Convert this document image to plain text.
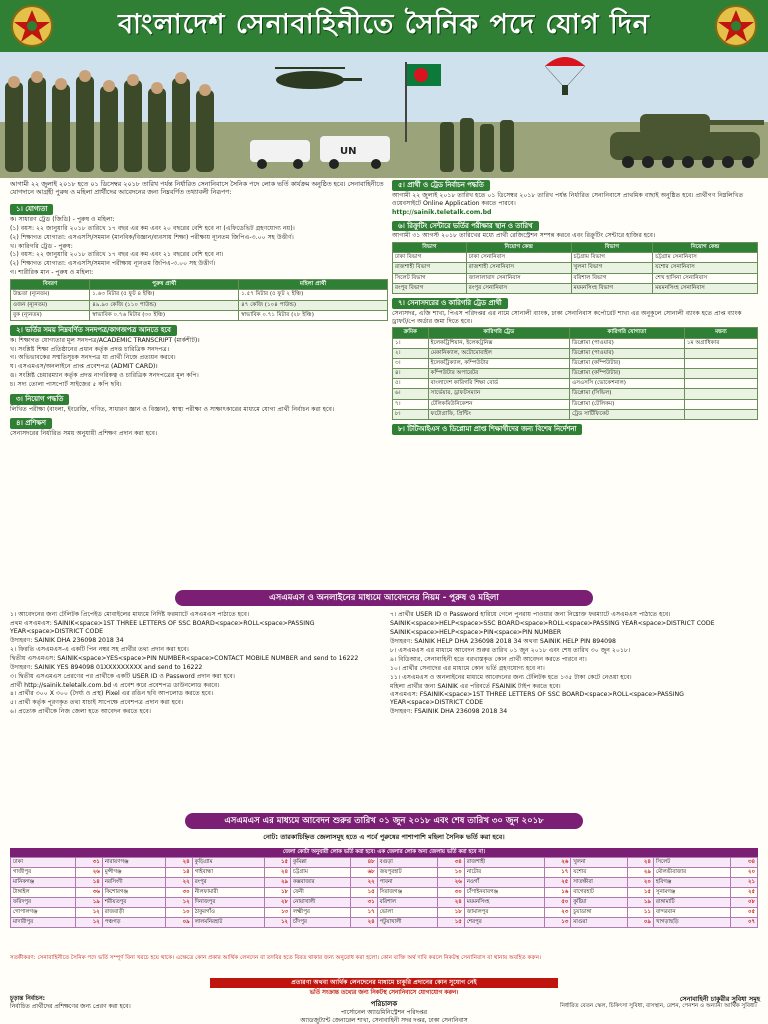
বাংলাদেশ সেনাবাহিনীতে সৈনিক পদে যোগ দিন
UN
আগামী ২২ জুলাই ২০১৮ হতে ০১ ডিসেম্বর ২০১৮ তারিখ পর্যন্ত নির্ধারিত সেনানিবাসে সৈনিক পদে লোক ভর্তি কার্যক্রম অনুষ্ঠিত হবে। সেনাবাহিনীতে যোগদানে আগ্রহী পুরুষ ও মহিলা প্রার্থীদের আবেদনের জন্য নিম্নবর্ণিত তথ্যাবলী নিরূপণ:
১। যোগ্যতা

ক। সাধারণ ট্রেড (জিডি) - পুরুষ ও মহিলা:

(১) বয়স: ২২ জানুয়ারি ২০১৮ তারিখে ১৭ বছর এর কম এবং ২০ বছরের বেশি হবে না (এফিডেভিট গ্রহণযোগ্য নয়)।

(২) শিক্ষাগত যোগ্যতা: এসএসসি/সমমান (মানবিক/বিজ্ঞান/ব্যবসায় শিক্ষা) পরীক্ষায় ন্যূনতম জিপিএ-৩.০০ সহ উত্তীর্ণ।

খ। কারিগরি ট্রেড - পুরুষ:

(১) বয়স: ২২ জানুয়ারি ২০১৮ তারিখে ১৭ বছর এর কম এবং ২১ বছরের বেশি হবে না।

(২) শিক্ষাগত যোগ্যতা: এসএসসি/সমমান পরীক্ষায় ন্যূনতম জিপিএ-৩.০০ সহ উত্তীর্ণ।

গ। শারীরিক মান - পুরুষ ও মহিলা:

বিবরণ	পুরুষ প্রার্থী	মহিলা প্রার্থী
উচ্চতা (ন্যূনতম)	১.৬৩ মিটার (৫ ফুট ৪ ইঞ্চি)	১.৫৭ মিটার (৫ ফুট ২ ইঞ্চি)
ওজন (ন্যূনতম)	৪৯.৯০ কেজি (১১০ পাউন্ড)	৪৭ কেজি (১০৪ পাউন্ড)
বুক (ন্যূনতম)	স্বাভাবিক ০.৭৬ মিটার (৩০ ইঞ্চি)	স্বাভাবিক ০.৭১ মিটার (২৮ ইঞ্চি)
২। ভর্তির সময় নিম্নবর্ণিত সনদপত্র/কাগজপত্র আনতে হবে

ক। শিক্ষাগত যোগ্যতার মূল সনদপত্র/ACADEMIC TRANSCRIPT (মার্কশীট)।

খ। সংশ্লিষ্ট শিক্ষা প্রতিষ্ঠানের প্রধান কর্তৃক প্রদত্ত চারিত্রিক সনদপত্র।

গ। অভিভাবকের সম্মতিসূচক সনদপত্র যা প্রার্থী নিজে প্রত্যয়ন করবে।

ঘ। এসএমএস/অনলাইনে প্রাপ্ত প্রবেশপত্র (ADMIT CARD)।

ঙ। সংশ্লিষ্ট চেয়ারম্যান কর্তৃক প্রদত্ত নাগরিকত্ব ও চারিত্রিক সনদপত্রের মূল কপি।

চ। সদ্য তোলা পাসপোর্ট সাইজের ৫ কপি ছবি।

৩। নিয়োগ পদ্ধতি

লিখিত পরীক্ষা (বাংলা, ইংরেজি, গণিত, সাধারণ জ্ঞান ও বিজ্ঞান), স্বাস্থ্য পরীক্ষা ও সাক্ষাৎকারের মাধ্যমে যোগ্য প্রার্থী নির্বাচন করা হবে।

৪। প্রশিক্ষণ

সেনাসদরের নির্ধারিত সময় অনুযায়ী প্রশিক্ষণ প্রদান করা হবে।

৫। প্রার্থী ও ট্রেড নির্বাচন পদ্ধতি

আগামী ২২ জুলাই ২০১৮ তারিখ হতে ০১ ডিসেম্বর ২০১৮ তারিখ পর্যন্ত নির্ধারিত সেনানিবাসে প্রাথমিক বাছাই অনুষ্ঠিত হবে। প্রার্থীগণ নিম্নলিখিত ওয়েবসাইটে Online Application করতে পারবে।

http://sainik.teletalk.com.bd

৬। রিক্রুটিং সেন্টারে ভর্তির পরীক্ষার স্থান ও তারিখ

আগামী ৩১ আগস্ট ২০১৮ তারিখের মধ্যে প্রার্থী রেজিস্ট্রেশন সম্পন্ন করবে এবং রিক্রুটিং সেন্টারে হাজির হবে।

বিভাগ	নিয়োগ কেন্দ্র	বিভাগ	নিয়োগ কেন্দ্র
ঢাকা বিভাগ	ঢাকা সেনানিবাস	চট্টগ্রাম বিভাগ	চট্টগ্রাম সেনানিবাস
রাজশাহী বিভাগ	রাজশাহী সেনানিবাস	খুলনা বিভাগ	যশোর সেনানিবাস
সিলেট বিভাগ	জালালাবাদ সেনানিবাস	বরিশাল বিভাগ	শেখ হাসিনা সেনানিবাস
রংপুর বিভাগ	রংপুর সেনানিবাস	ময়মনসিংহ বিভাগ	ময়মনসিংহ সেনানিবাস
৭। সেনাসদরের ও কারিগরি ট্রেড প্রার্থী

সেনাসদর, এজি শাখা, পিএস পরিদপ্তর এর নামে সোনালী ব্যাংক, ঢাকা সেনানিবাস কর্পোরেট শাখা এর অনুকূলে সোনালী ব্যাংক হতে প্রাপ্ত ব্যাংক ড্রাফট/পে অর্ডার জমা দিতে হবে।

ক্রমিক	কারিগরি ট্রেড	কারিগরি যোগ্যতা	মন্তব্য
১।	ইলেকট্রিশিয়ান, ইলেকট্রনিক্স	ডিপ্লোমা (পাওয়ার)	১ম অগ্রাধিকার
২।	মেকানিক্যাল, অটোমোবাইল	ডিপ্লোমা (পাওয়ার)	
৩।	ইলেকট্রিক্যাল, কম্পিউটার	ডিপ্লোমা (কম্পিউটার)	
৪।	কম্পিউটার অপারেটর	ডিপ্লোমা (কম্পিউটার)	
৫।	বাংলাদেশ কারিগরি শিক্ষা বোর্ড	এসএসসি (ভোকেশনাল)	
৬।	সার্ভেয়ার, ড্রাফটসম্যান	ডিপ্লোমা (সিভিল)	
৭।	টেলিকমিউনিকেশন	ডিপ্লোমা (টেলিকম)	
৮।	ফটোগ্রাফি, প্রিন্টিং	ট্রেড সার্টিফিকেট	
৮। টিটিআইএস ও ডিপ্লোমা প্রাপ্ত শিক্ষার্থীদের জন্য বিশেষ নির্দেশনা
এসএমএস ও অনলাইনের মাধ্যমে আবেদনের নিয়ম - পুরুষ ও মহিলা

১। আবেদনের জন্য টেলিটক প্রিপেইড মোবাইলের মাধ্যমে নির্দিষ্ট ফরম্যাটে এসএমএস পাঠাতে হবে।

প্রথম এসএমএস: SAINIK<space>1ST THREE LETTERS OF SSC BOARD<space>ROLL<space>PASSING YEAR<space>DISTRICT CODE

উদাহরণ: SAINIK DHA 236098 2018 34

২। ফিরতি এসএমএস-এ একটি পিন নম্বর সহ প্রার্থীর তথ্য প্রদান করা হবে।

দ্বিতীয় এসএমএস: SAINIK<space>YES<space>PIN NUMBER<space>CONTACT MOBILE NUMBER and send to 16222

উদাহরণ: SAINIK YES 894098 01XXXXXXXXX and send to 16222

৩। দ্বিতীয় এসএমএস প্রেরণের পর প্রার্থীকে একটি USER ID ও Password প্রদান করা হবে।

প্রার্থী http://sainik.teletalk.com.bd এ প্রবেশ করে প্রবেশপত্র ডাউনলোড করবে।

৪। প্রার্থীর ৩০০ X ৩০০ (দৈর্ঘ্য ও প্রস্থ) Pixel এর রঙিন ছবি আপলোড করতে হবে।

৫। প্রার্থী কর্তৃক পূরণকৃত তথ্য যাচাই সাপেক্ষে প্রবেশপত্র প্রদান করা হবে।

৬। প্রত্যেক প্রার্থীকে নিজ জেলা হতে আবেদন করতে হবে।

৭। প্রার্থীর USER ID ও Password হারিয়ে গেলে পুনরায় পাওয়ার জন্য নিম্নোক্ত ফরম্যাটে এসএমএস পাঠাতে হবে।

SAINIK<space>HELP<space>SSC BOARD<space>ROLL<space>PASSING YEAR<space>DISTRICT CODE

SAINIK<space>HELP<space>PIN<space>PIN NUMBER

উদাহরণ: SAINIK HELP DHA 236098 2018 34 অথবা SAINIK HELP PIN 894098

৮। এসএমএস এর মাধ্যমে আবেদন শুরুর তারিখ ০১ জুন ২০১৮ এবং শেষ তারিখ ৩০ জুন ২০১৮।

৯। বিডিআর, সেনাবাহিনী হতে বরখাস্তকৃত কোন প্রার্থী আবেদন করতে পারবে না।

১০। প্রার্থীর সেনাদের এর মাধ্যমে কোন ভর্তি গ্রহণযোগ্য হবে না।

১১। এসএমএস ও অনলাইনের মাধ্যমে আবেদনের জন্য টেলিটক হতে ১৩৫ টাকা কেটে নেওয়া হবে।

মহিলা প্রার্থীর জন্য SAINIK এর পরিবর্তে FSAINIK টাইপ করতে হবে।

এসএমএস: FSAINIK<space>1ST THREE LETTERS OF SSC BOARD<space>ROLL<space>PASSING YEAR<space>DISTRICT CODE

উদাহরণ: FSAINIK DHA 236098 2018 34

এসএমএস এর মাধ্যমে আবেদন শুরুর তারিখ ০১ জুন ২০১৮ এবং শেষ তারিখ ৩০ জুন ২০১৮
নোট: তারকাচিহ্নিত জেলাসমূহ হতে এ পর্বে পুরুষের পাশাপাশি মহিলা সৈনিক ভর্তি করা হবে।
জেলা কোটা অনুযায়ী লোক ভর্তি করা হবে। এক জেলার লোক অন্য জেলায় ভর্তি করা হবে না।
ঢাকা	৩১	নারায়ণগঞ্জ	২৪	কুড়িগ্রাম	১৫	কুমিল্লা	৪৮	বগুড়া	৩৪	রাজশাহী	২৬	খুলনা	২৪	সিলেট	৩৪
গাজীপুর	২৬	মুন্সীগঞ্জ	১৪	গাইবান্ধা	২৪	চট্টগ্রাম	৬৮	জয়পুরহাট	১০	নাটোর	১৭	যশোর	২৯	মৌলভীবাজার	২০
মানিকগঞ্জ	১৪	নরসিংদী	২২	রংপুর	২৯	কক্সবাজার	২২	পাবনা	২৬	নওগাঁ	২৫	সাতক্ষীরা	২০	হবিগঞ্জ	২১
টাঙ্গাইল	৩৬	কিশোরগঞ্জ	৩০	নীলফামারী	১৮	ফেনী	১৫	সিরাজগঞ্জ	৩০	চাঁপাইনবাবগঞ্জ	১৬	বাগেরহাট	১৫	সুনামগঞ্জ	২৫
ফরিদপুর	১৯	শরীয়তপুর	১২	দিনাজপুর	২৮	নোয়াখালী	৩১	বরিশাল	২৪	ময়মনসিংহ	৫০	কুষ্টিয়া	১৯	রাঙ্গামাটি	০৮
গোপালগঞ্জ	১২	রাজবাড়ী	১০	ঠাকুরগাঁও	১৩	লক্ষ্মীপুর	১৭	ভোলা	১৮	জামালপুর	২৩	চুয়াডাঙ্গা	১১	বান্দরবান	০৫
মাদারীপুর	১২	পঞ্চগড়	০৯	লালমনিরহাট	১২	চাঁদপুর	২৪	পটুয়াখালী	১৫	শেরপুর	১৩	মাগুরা	০৯	খাগড়াছড়ি	০৭
সতর্কীকরণ: সেনাবাহিনীতে সৈনিক পদে ভর্তি সম্পূর্ণ বিনা খরচে হয়ে থাকে। এক্ষেত্রে কোন প্রকার আর্থিক লেনদেন বা তদবির হতে বিরত থাকার জন্য অনুরোধ করা হলো। কোন ব্যক্তি অর্থ দাবি করলে নিকটস্থ সেনানিবাস বা থানায় অবহিত করুন।
প্রতারণা অথবা আর্থিক লেনদেনের মাধ্যমে চাকুরি প্রদানের কোন সুযোগ নেই
ভর্তি সংক্রান্ত তথ্যের জন্য নিকটস্থ সেনানিবাসে যোগাযোগ করুন।
চূড়ান্ত নির্বাচন:
নির্বাচিত প্রার্থীদের প্রশিক্ষণের জন্য প্রেরণ করা হবে।	পরিচালক
পার্সোনেল অ্যাডমিনিস্ট্রেশন পরিদপ্তর
অ্যাডজুট্যান্ট জেনারেল শাখা, সেনাবাহিনী সদর দপ্তর, ঢাকা সেনানিবাস
সেনাবাহিনী চাকুরীর সুবিধা সমূহ
নির্ধারিত বেতন স্কেল, চিকিৎসা সুবিধা, বাসস্থান, রেশন, পেনশন ও অন্যান্য আর্থিক সুবিধা।
